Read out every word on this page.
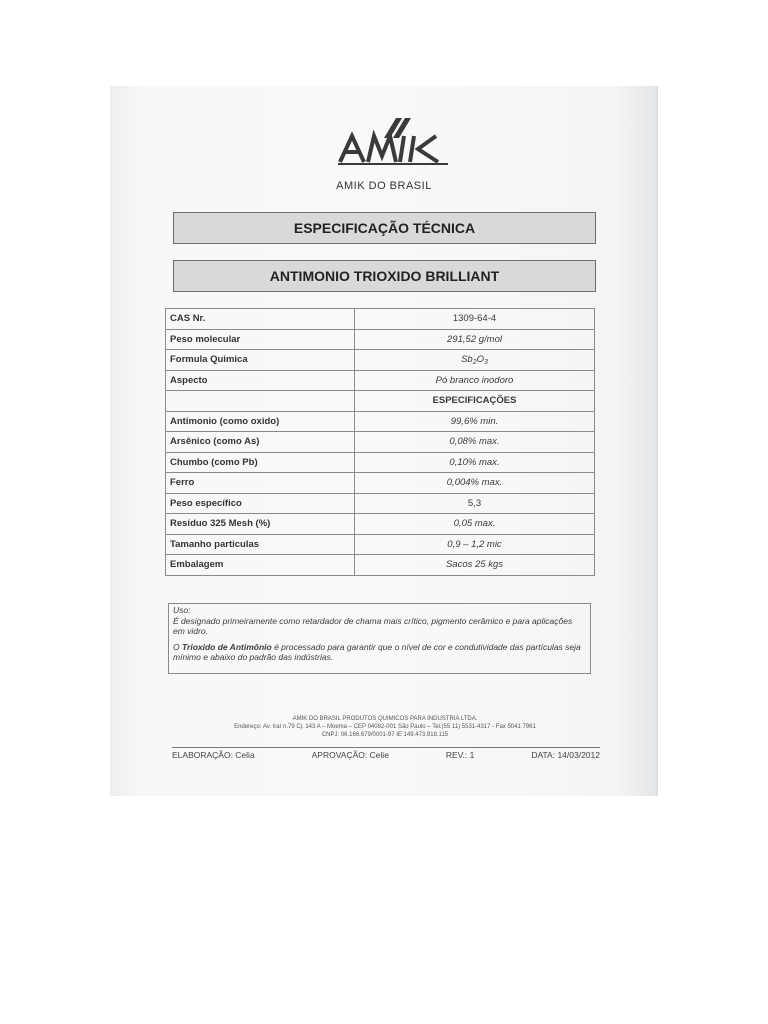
AMIK DO BRASIL
ESPECIFICAÇÃO TÉCNICA
ANTIMONIO TRIOXIDO BRILLIANT
CAS Nr.	1309-64-4
Peso molecular	291,52 g/mol
Formula Quimica	$Sb_2O_3$
Aspecto	Pó branco inodoro
	ESPECIFICAÇÕES
Antimonio (como oxido)	99,6% min.
Arsênico (como As)	0,08% max.
Chumbo (como Pb)	0,10% max.
Ferro	0,004% max.
Peso específico	5,3
Resíduo 325 Mesh (%)	0,05 max.
Tamanho particulas	0,9 – 1,2 mic
Embalagem	Sacos 25 kgs
Uso:

É designado primeiramente como retardador de chama mais crítico, pigmento cerâmico e para aplicações em vidro.

O Trioxido de Antimônio é processado para garantir que o nível de cor e condutividade das partículas seja mínimo e abaixo do padrão das indústrias.

AMIK DO BRASIL PRODUTOS QUIMICOS PARA INDUSTRIA LTDA.
Endereço: Av. Iraí n.79 Cj. 143 A – Moema – CEP 04082-001 São Paulo – Tel.(55 11) 5531-4317 - Fax 5041 7961
CNPJ: 06.166.679/0001-97 IE 149.473.918.115
ELABORAÇÃO: Celia	APROVAÇÃO: Celie	REV.: 1	DATA: 14/03/2012
